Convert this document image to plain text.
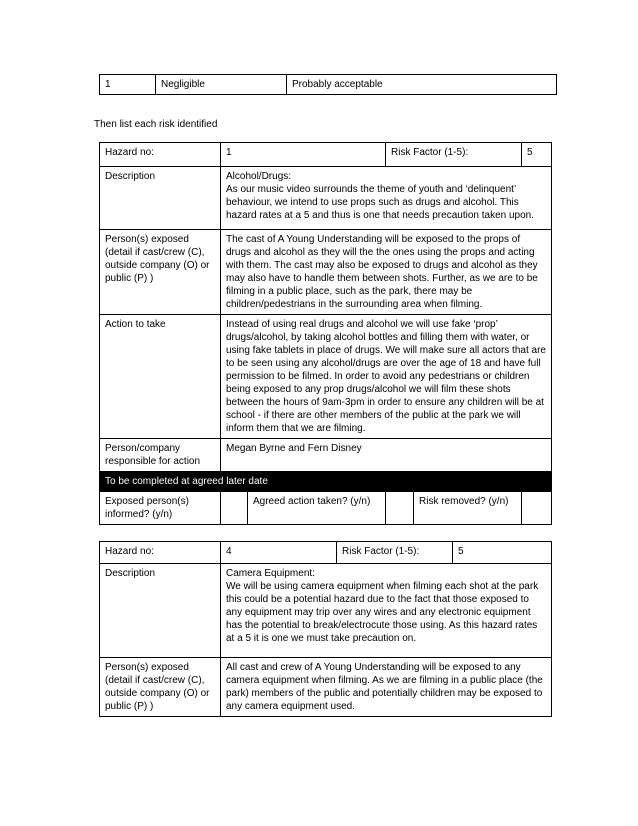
1	Negligible	Probably acceptable
Then list each risk identified
Hazard no:	1		Risk Factor (1-5):		5
Description	Alcohol/Drugs:
As our music video surrounds the theme of youth and ‘delinquent’ behaviour, we intend to use props such as drugs and alcohol. This hazard rates at a 5 and thus is one that needs precaution taken upon.				
Person(s) exposed (detail if cast/crew (C), outside company (O) or public (P) )	The cast of A Young Understanding will be exposed to the props of drugs and alcohol as they will the the ones using the props and acting with them. The cast may also be exposed to drugs and alcohol as they may also have to handle them between shots. Further, as we are to be filming in a public place, such as the park, there may be children/pedestrians in the surrounding area when filming.				
Action to take	Instead of using real drugs and alcohol we will use fake ‘prop’ drugs/alcohol, by taking alcohol bottles and filling them with water, or using fake tablets in place of drugs. We will make sure all actors that are to be seen using any alcohol/drugs are over the age of 18 and have full permission to be filmed. In order to avoid any pedestrians or children being exposed to any prop drugs/alcohol we will film these shots between the hours of 9am-3pm in order to ensure any children will be at school - if there are other members of the public at the park we will inform them that we are filming.				
Person/company responsible for action	Megan Byrne and Fern Disney				
To be completed at agreed later date					
Exposed person(s) informed? (y/n)		Agreed action taken? (y/n)		Risk removed? (y/n)	
Hazard no:	4	Risk Factor (1-5):	5
Description	Camera Equipment:
We will be using camera equipment when filming each shot at the park this could be a potential hazard due to the fact that those exposed to any equipment may trip over any wires and any electronic equipment has the potential to break/electrocute those using. As this hazard rates at a 5 it is one we must take precaution on.		
Person(s) exposed (detail if cast/crew (C), outside company (O) or public (P) )	All cast and crew of A Young Understanding will be exposed to any camera equipment when filming. As we are filming in a public place (the park) members of the public and potentially children may be exposed to any camera equipment used.		
